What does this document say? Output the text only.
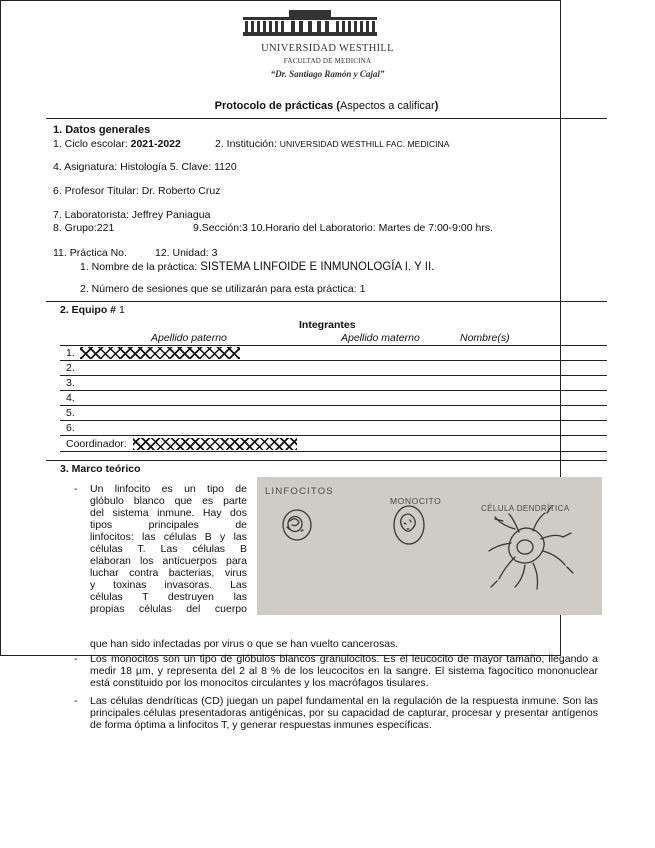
UNIVERSIDAD WESTHILL
FACULTAD DE MEDICINA
“Dr. Santiago Ramón y Cajal”
Protocolo de prácticas (Aspectos a calificar)
1. Datos generales
1. Ciclo escolar: 2021-2022	2. Institución: UNIVERSIDAD WESTHILL FAC. MEDICINA
4. Asignatura: Histología 5. Clave: 1120
6. Profesor Titular: Dr. Roberto Cruz
7. Laboratorista: Jeffrey Paniagua
8. Grupo:221	9.Sección:3 10.Horario del Laboratorio: Martes de 7:00-9:00 hrs.
11. Práctica No.	12. Unidad: 3
1. Nombre de la práctica: SISTEMA LINFOIDE E INMUNOLOGÍA I. Y II.
2. Número de sesiones que se utilizarán para esta práctica: 1
2. Equipo # 1
Integrantes
Apellido paterno	Apellido materno	Nombre(s)
1.
2.
3.
4.
5.
6.
Coordinador:
3. Marco teórico
- Un linfocito es un tipo de
glóbulo blanco que es parte
del sistema inmune. Hay dos
tipos principales de
linfocitos: las células B y las
células T. Las células B
elaboran los anticuerpos para
luchar contra bacterias, virus
y toxinas invasoras. Las
células T destruyen las
propias células del cuerpo
que han sido infectadas por virus o que se han vuelto cancerosas.
LINFOCITOS
MONOCITO
CÉLULA DENDRÍTICA
- Los monocitos son un tipo de glóbulos blancos granulocitos. Es el leucocito de mayor tamaño, llegando a medir 18 µm, y representa del 2 al 8 % de los leucocitos en la sangre. El sistema fagocítico mononuclear está constituido por los monocitos circulantes y los macrófagos tisulares.
- Las células dendríticas (CD) juegan un papel fundamental en la regulación de la respuesta inmune. Son las principales células presentadoras antigénicas, por su capacidad de capturar, procesar y presentar antígenos de forma óptima a linfocitos T, y generar respuestas inmunes específicas.
